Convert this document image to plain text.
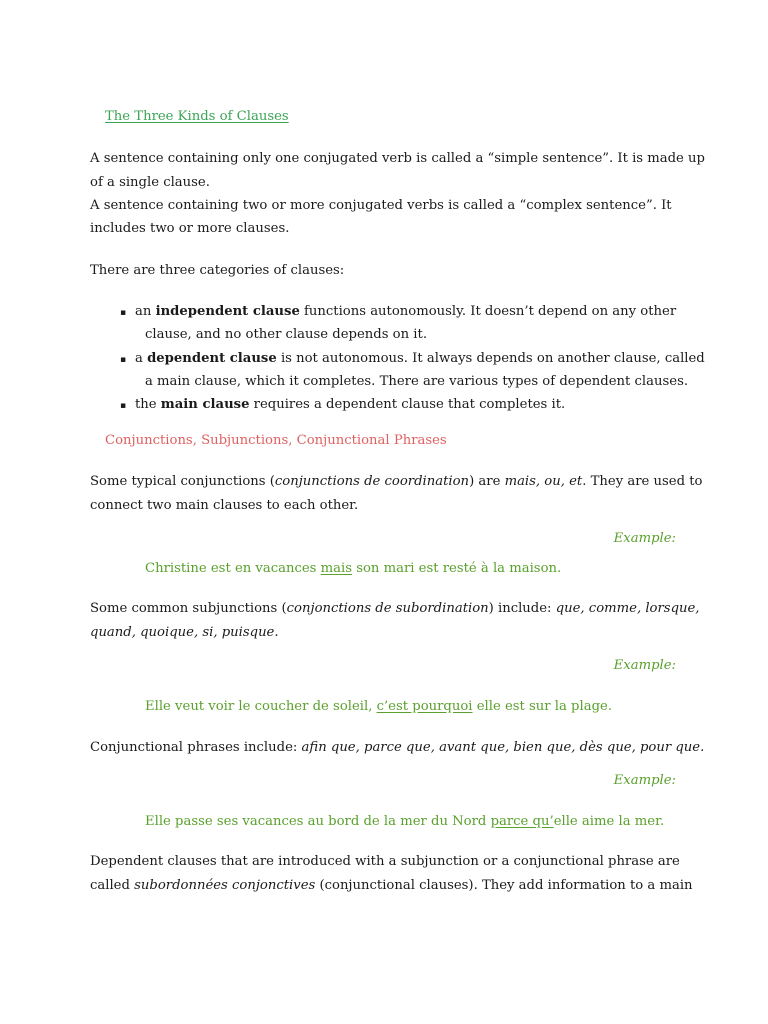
The Three Kinds of Clauses
A sentence containing only one conjugated verb is called a “simple sentence”. It is made up
of a single clause.
A sentence containing two or more conjugated verbs is called a “complex sentence”. It
includes two or more clauses.
There are three categories of clauses:
▪ an independent clause functions autonomously. It doesn’t depend on any other
clause, and no other clause depends on it.
▪ a dependent clause is not autonomous. It always depends on another clause, called
a main clause, which it completes. There are various types of dependent clauses.
▪ the main clause requires a dependent clause that completes it.
Conjunctions, Subjunctions, Conjunctional Phrases
Some typical conjunctions (conjunctions de coordination) are mais, ou, et. They are used to
connect two main clauses to each other.
Example:
Christine est en vacances mais son mari est resté à la maison.
Some common subjunctions (conjonctions de subordination) include: que, comme, lorsque,
quand, quoique, si, puisque.
Example:
Elle veut voir le coucher de soleil, c’est pourquoi elle est sur la plage.
Conjunctional phrases include: afin que, parce que, avant que, bien que, dès que, pour que.
Example:
Elle passe ses vacances au bord de la mer du Nord parce qu’elle aime la mer.
Dependent clauses that are introduced with a subjunction or a conjunctional phrase are
called subordonnées conjonctives (conjunctional clauses). They add information to a main
